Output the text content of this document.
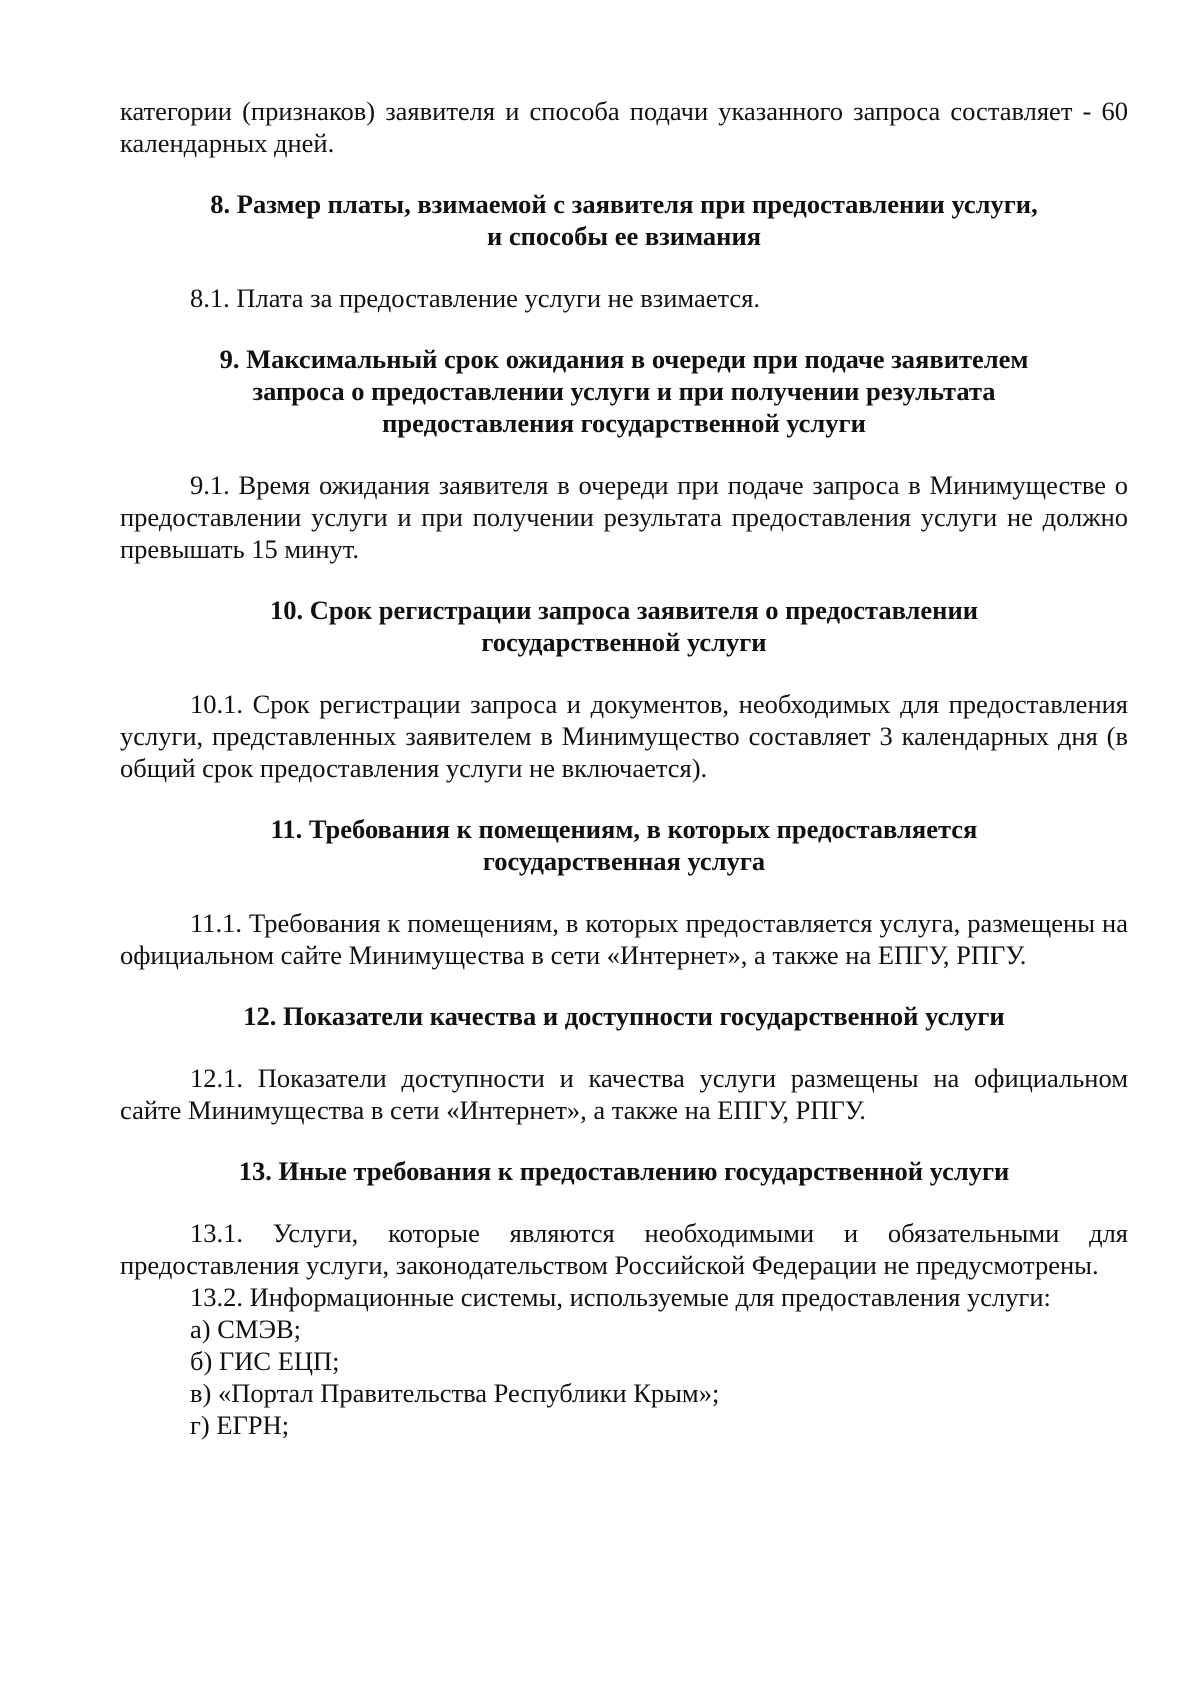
категории (признаков) заявителя и способа подачи указанного запроса составляет - 60 календарных дней.

8. Размер платы, взимаемой с заявителя при предоставлении услуги,
и способы ее взимания

8.1. Плата за предоставление услуги не взимается.

9. Максимальный срок ожидания в очереди при подаче заявителем
запроса о предоставлении услуги и при получении результата
предоставления государственной услуги

9.1. Время ожидания заявителя в очереди при подаче запроса в Минимуществе о предоставлении услуги и при получении результата предоставления услуги не должно превышать 15 минут.

10. Срок регистрации запроса заявителя о предоставлении
государственной услуги

10.1. Срок регистрации запроса и документов, необходимых для предоставления услуги, представленных заявителем в Минимущество составляет 3 календарных дня (в общий срок предоставления услуги не включается).

11. Требования к помещениям, в которых предоставляется
государственная услуга

11.1. Требования к помещениям, в которых предоставляется услуга, размещены на официальном сайте Минимущества в сети «Интернет», а также на ЕПГУ, РПГУ.

12. Показатели качества и доступности государственной услуги

12.1. Показатели доступности и качества услуги размещены на официальном сайте Минимущества в сети «Интернет», а также на ЕПГУ, РПГУ.

13. Иные требования к предоставлению государственной услуги

13.1. Услуги, которые являются необходимыми и обязательными для предоставления услуги, законодательством Российской Федерации не предусмотрены.

13.2. Информационные системы, используемые для предоставления услуги:

а) СМЭВ;

б) ГИС ЕЦП;

в) «Портал Правительства Республики Крым»;

г) ЕГРН;
